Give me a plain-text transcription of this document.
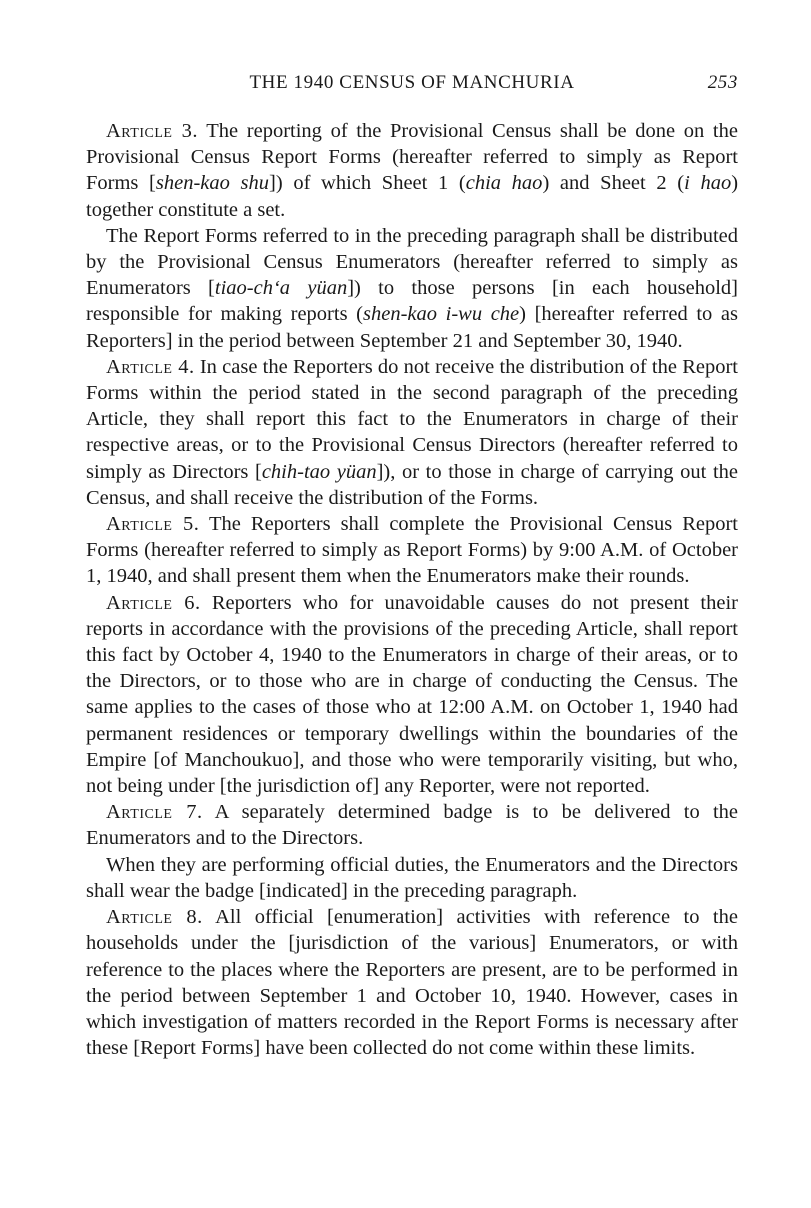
THE 1940 CENSUS OF MANCHURIA	253

Article 3. The reporting of the Provisional Census shall be done on the Provisional Census Report Forms (hereafter referred to simply as Report Forms [shen-kao shu]) of which Sheet 1 (chia hao) and Sheet 2 (i hao) together constitute a set.

The Report Forms referred to in the preceding paragraph shall be distributed by the Provisional Census Enumerators (hereafter referred to simply as Enumerators [tiao-ch‘a yüan]) to those persons [in each household] responsible for making reports (shen-kao i-wu che) [hereafter referred to as Reporters] in the period between September 21 and September 30, 1940.

Article 4. In case the Reporters do not receive the distribution of the Report Forms within the period stated in the second paragraph of the preceding Article, they shall report this fact to the Enumerators in charge of their respective areas, or to the Provisional Census Directors (hereafter referred to simply as Directors [chih-tao yüan]), or to those in charge of carrying out the Census, and shall receive the distribution of the Forms.

Article 5. The Reporters shall complete the Provisional Census Report Forms (hereafter referred to simply as Report Forms) by 9:00 A.M. of October 1, 1940, and shall present them when the Enumerators make their rounds.

Article 6. Reporters who for unavoidable causes do not present their reports in accordance with the provisions of the preceding Article, shall report this fact by October 4, 1940 to the Enumerators in charge of their areas, or to the Directors, or to those who are in charge of conducting the Census. The same applies to the cases of those who at 12:00 A.M. on October 1, 1940 had permanent residences or temporary dwellings within the boundaries of the Empire [of Manchoukuo], and those who were temporarily visiting, but who, not being under [the jurisdiction of] any Reporter, were not reported.

Article 7. A separately determined badge is to be delivered to the Enumerators and to the Directors.

When they are performing official duties, the Enumerators and the Directors shall wear the badge [indicated] in the preceding paragraph.

Article 8. All official [enumeration] activities with reference to the households under the [jurisdiction of the various] Enumerators, or with reference to the places where the Reporters are present, are to be performed in the period between September 1 and October 10, 1940. However, cases in which investigation of matters recorded in the Report Forms is necessary after these [Report Forms] have been collected do not come within these limits.
